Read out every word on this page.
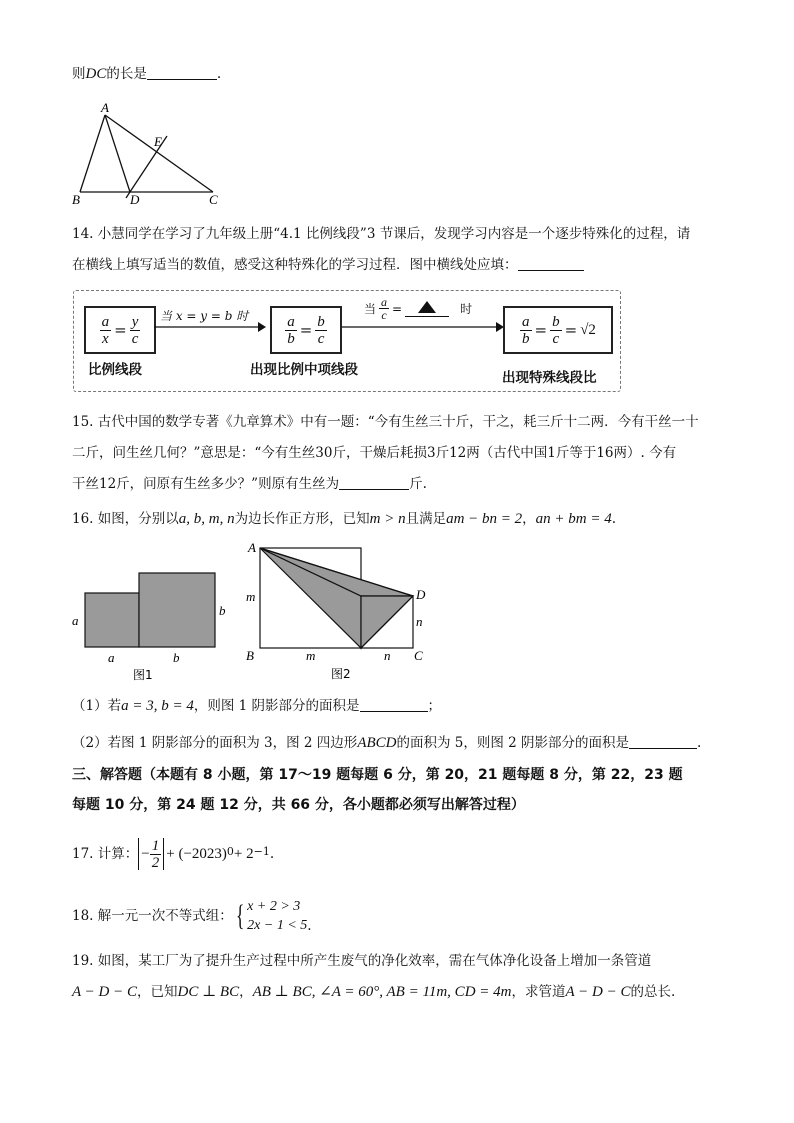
则DC的长是	.
A
B	D	C
E
14. 小慧同学在学习了九年级上册“4.1 比例线段”3 节课后，发现学习内容是一个逐步特殊化的过程，请
在横线上填写适当的数值，感受这种特殊化的学习过程．图中横线处应填：
$\frac{a}{x} = \frac{y}{c}$
比例线段
当 x = y = b 时 $\frac{a}{b} = \frac{b}{c}$
出现比例中项线段
当 $\frac{a}{c}$ =	时
$\frac{a}{b} = \frac{b}{c} = √2$
出现特殊线段比
15. 古代中国的数学专著《九章算术》中有一题：“今有生丝三十斤，干之，耗三斤十二两．今有干丝一十
二斤，问生丝几何？”意思是：“今有生丝30斤，干燥后耗损3斤12两（古代中国1斤等于16两）. 今有
干丝12斤，问原有生丝多少？”则原有生丝为	斤.
16. 如图，分别以a, b, m, n为边长作正方形，已知m > n且满足am − bn = 2，an + bm = 4.
a
b
a	b
图1
A
B	C
D
m
n
m	n
图2
（1）若a = 3, b = 4，则图 1 阴影部分的面积是	；
（2）若图 1 阴影部分的面积为 3，图 2 四边形ABCD的面积为 5，则图 2 阴影部分的面积是	.
三、解答题（本题有 8 小题，第 17～19 题每题 6 分，第 20，21 题每题 8 分，第 22，23 题
每题 10 分，第 24 题 12 分，共 66 分，各小题都必须写出解答过程）
17. 计算： − $\frac{1}{2} + (-2023) 0 + 2 -1$ .
18. 解一元一次不等式组： { x + 2 > 3
2x − 1 < 5 .
19. 如图，某工厂为了提升生产过程中所产生废气的净化效率，需在气体净化设备上增加一条管道
A − D − C，已知DC ⊥ BC，AB ⊥ BC, ∠A = 60°, AB = 11m, CD = 4m，求管道A − D − C的总长.
